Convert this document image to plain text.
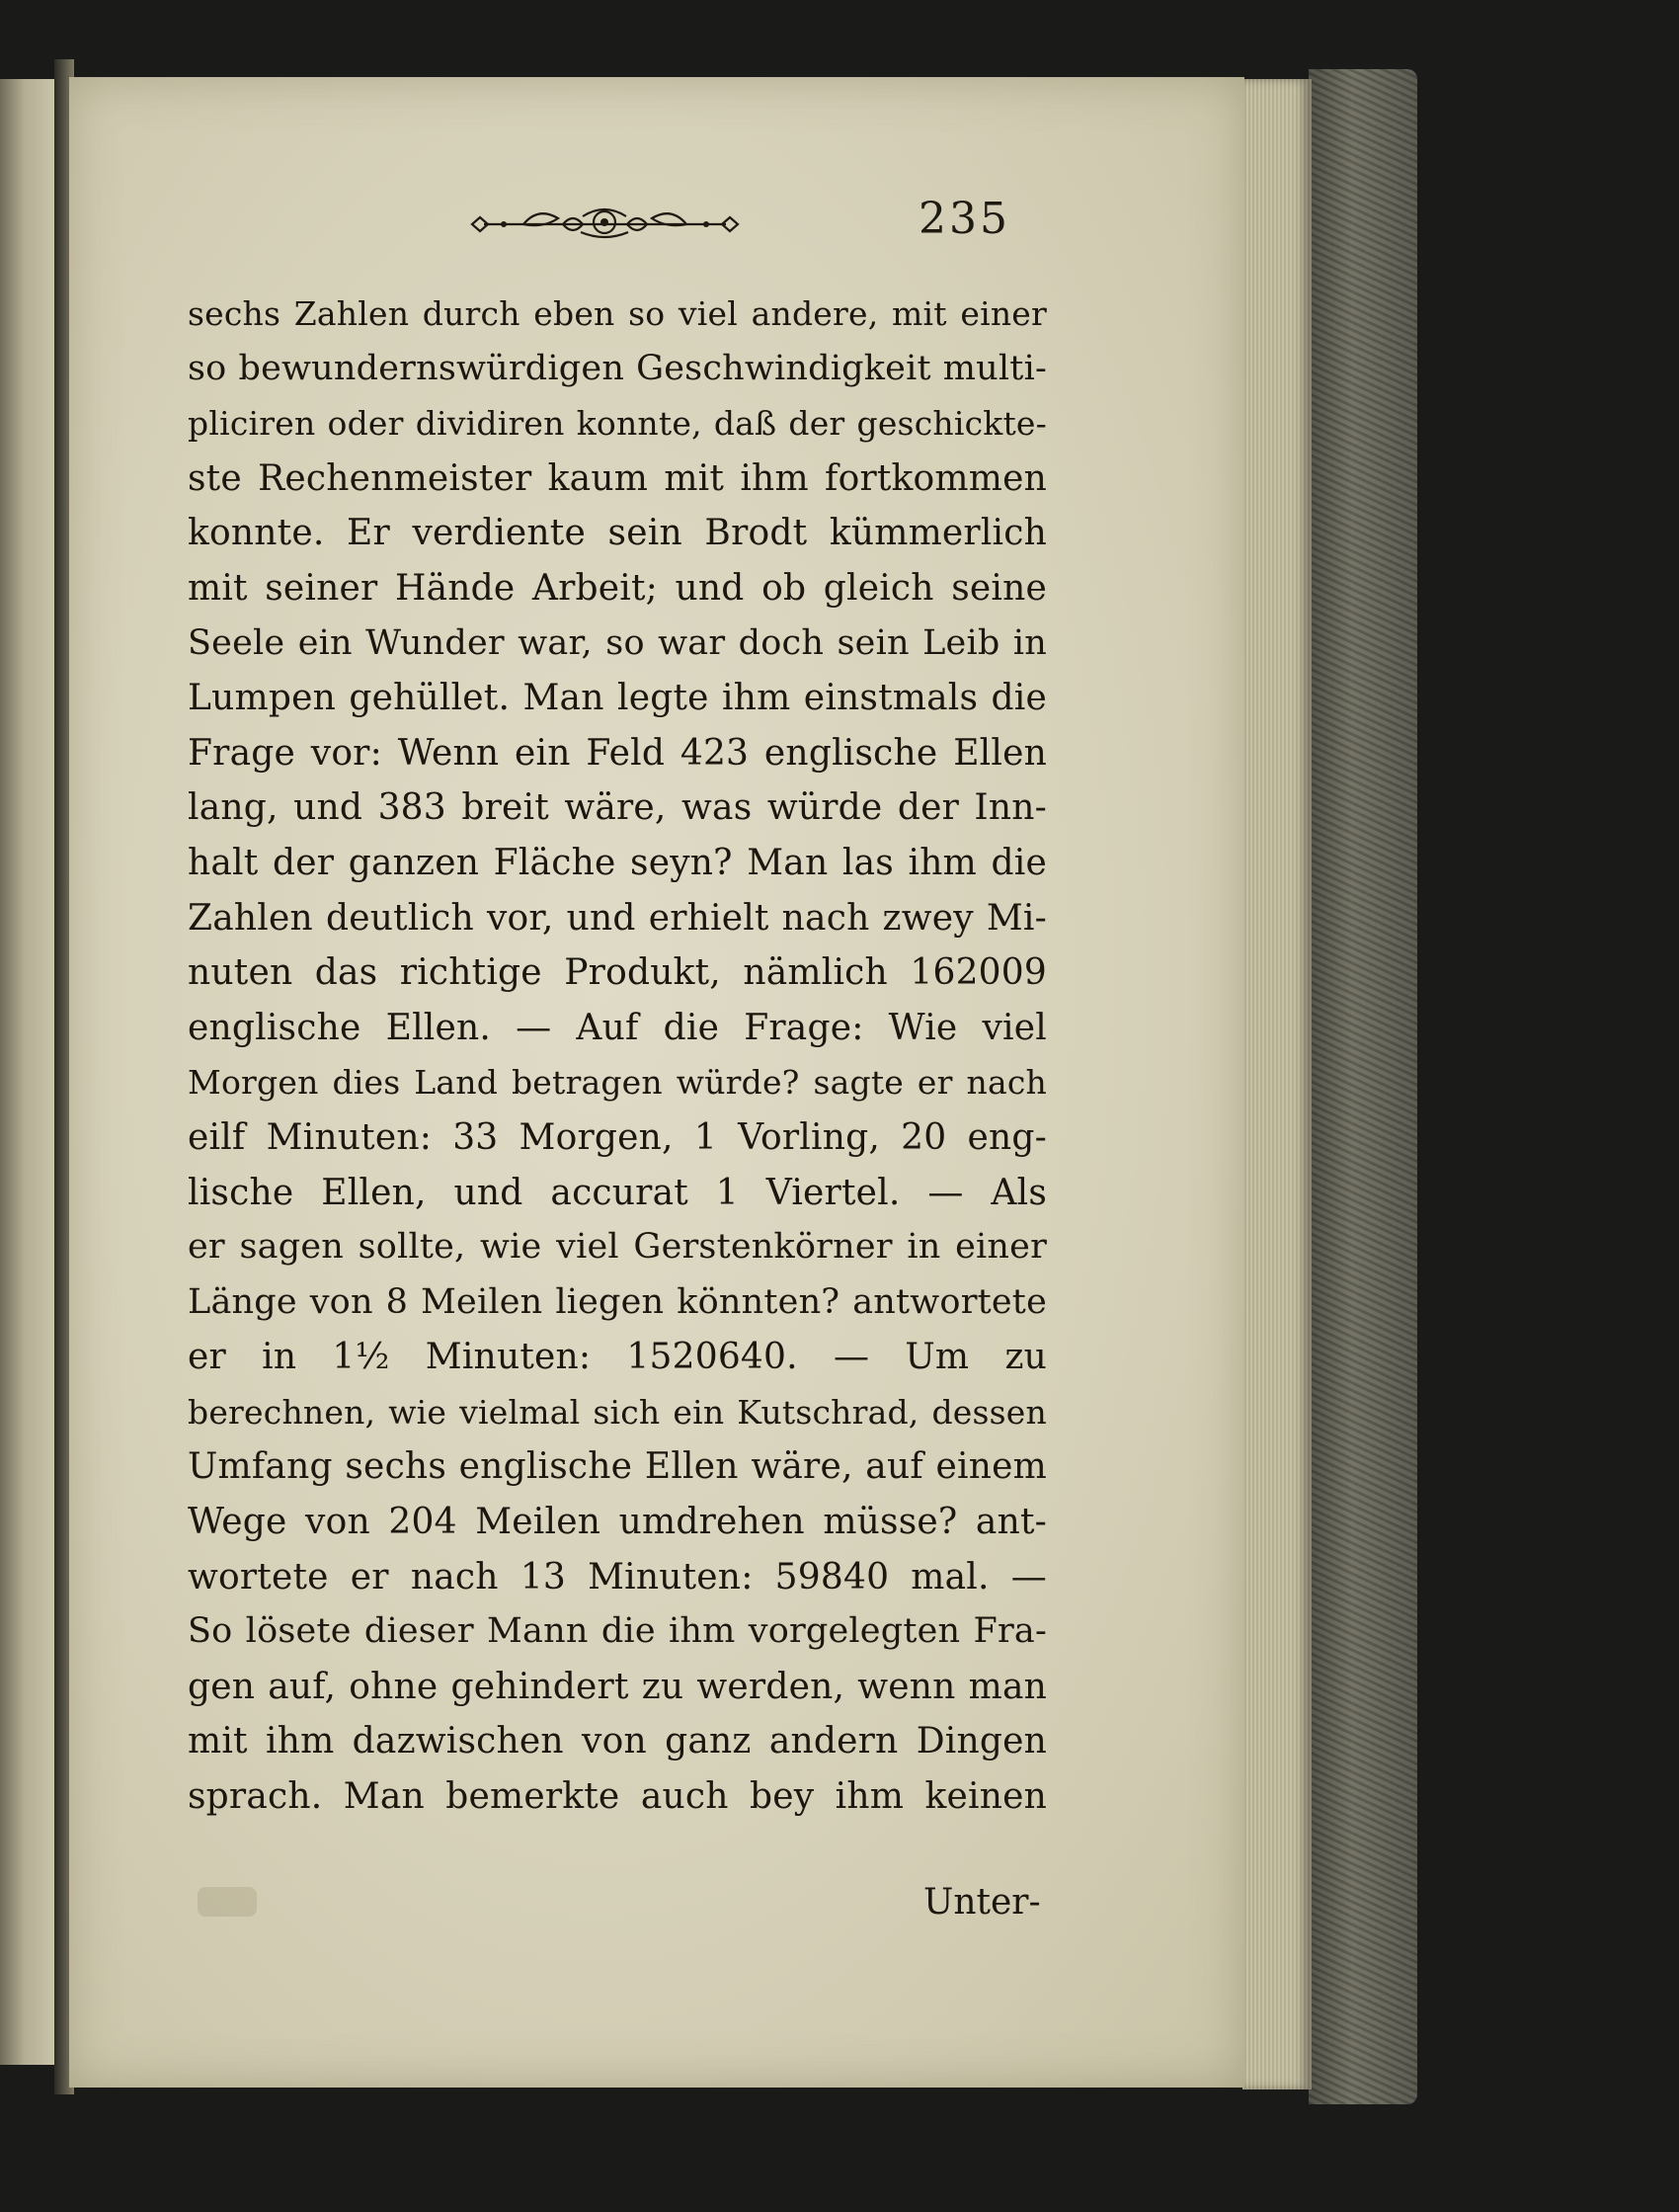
235
sechs Zahlen durch eben so viel andere, mit einer
so bewundernswürdigen Geschwindigkeit multi-
pliciren oder dividiren konnte, daß der geschickte-
ste Rechenmeister kaum mit ihm fortkommen
konnte. Er verdiente sein Brodt kümmerlich
mit seiner Hände Arbeit; und ob gleich seine
Seele ein Wunder war, so war doch sein Leib in
Lumpen gehüllet. Man legte ihm einstmals die
Frage vor: Wenn ein Feld 423 englische Ellen
lang, und 383 breit wäre, was würde der Inn-
halt der ganzen Fläche seyn? Man las ihm die
Zahlen deutlich vor, und erhielt nach zwey Mi-
nuten das richtige Produkt, nämlich 162009
englische Ellen. — Auf die Frage: Wie viel
Morgen dies Land betragen würde? sagte er nach
eilf Minuten: 33 Morgen, 1 Vorling, 20 eng-
lische Ellen, und accurat 1 Viertel. — Als
er sagen sollte, wie viel Gerstenkörner in einer
Länge von 8 Meilen liegen könnten? antwortete
er in 1½ Minuten: 1520640. — Um zu
berechnen, wie vielmal sich ein Kutschrad, dessen
Umfang sechs englische Ellen wäre, auf einem
Wege von 204 Meilen umdrehen müsse? ant-
wortete er nach 13 Minuten: 59840 mal. —
So lösete dieser Mann die ihm vorgelegten Fra-
gen auf, ohne gehindert zu werden, wenn man
mit ihm dazwischen von ganz andern Dingen
sprach. Man bemerkte auch bey ihm keinen
Unter-
